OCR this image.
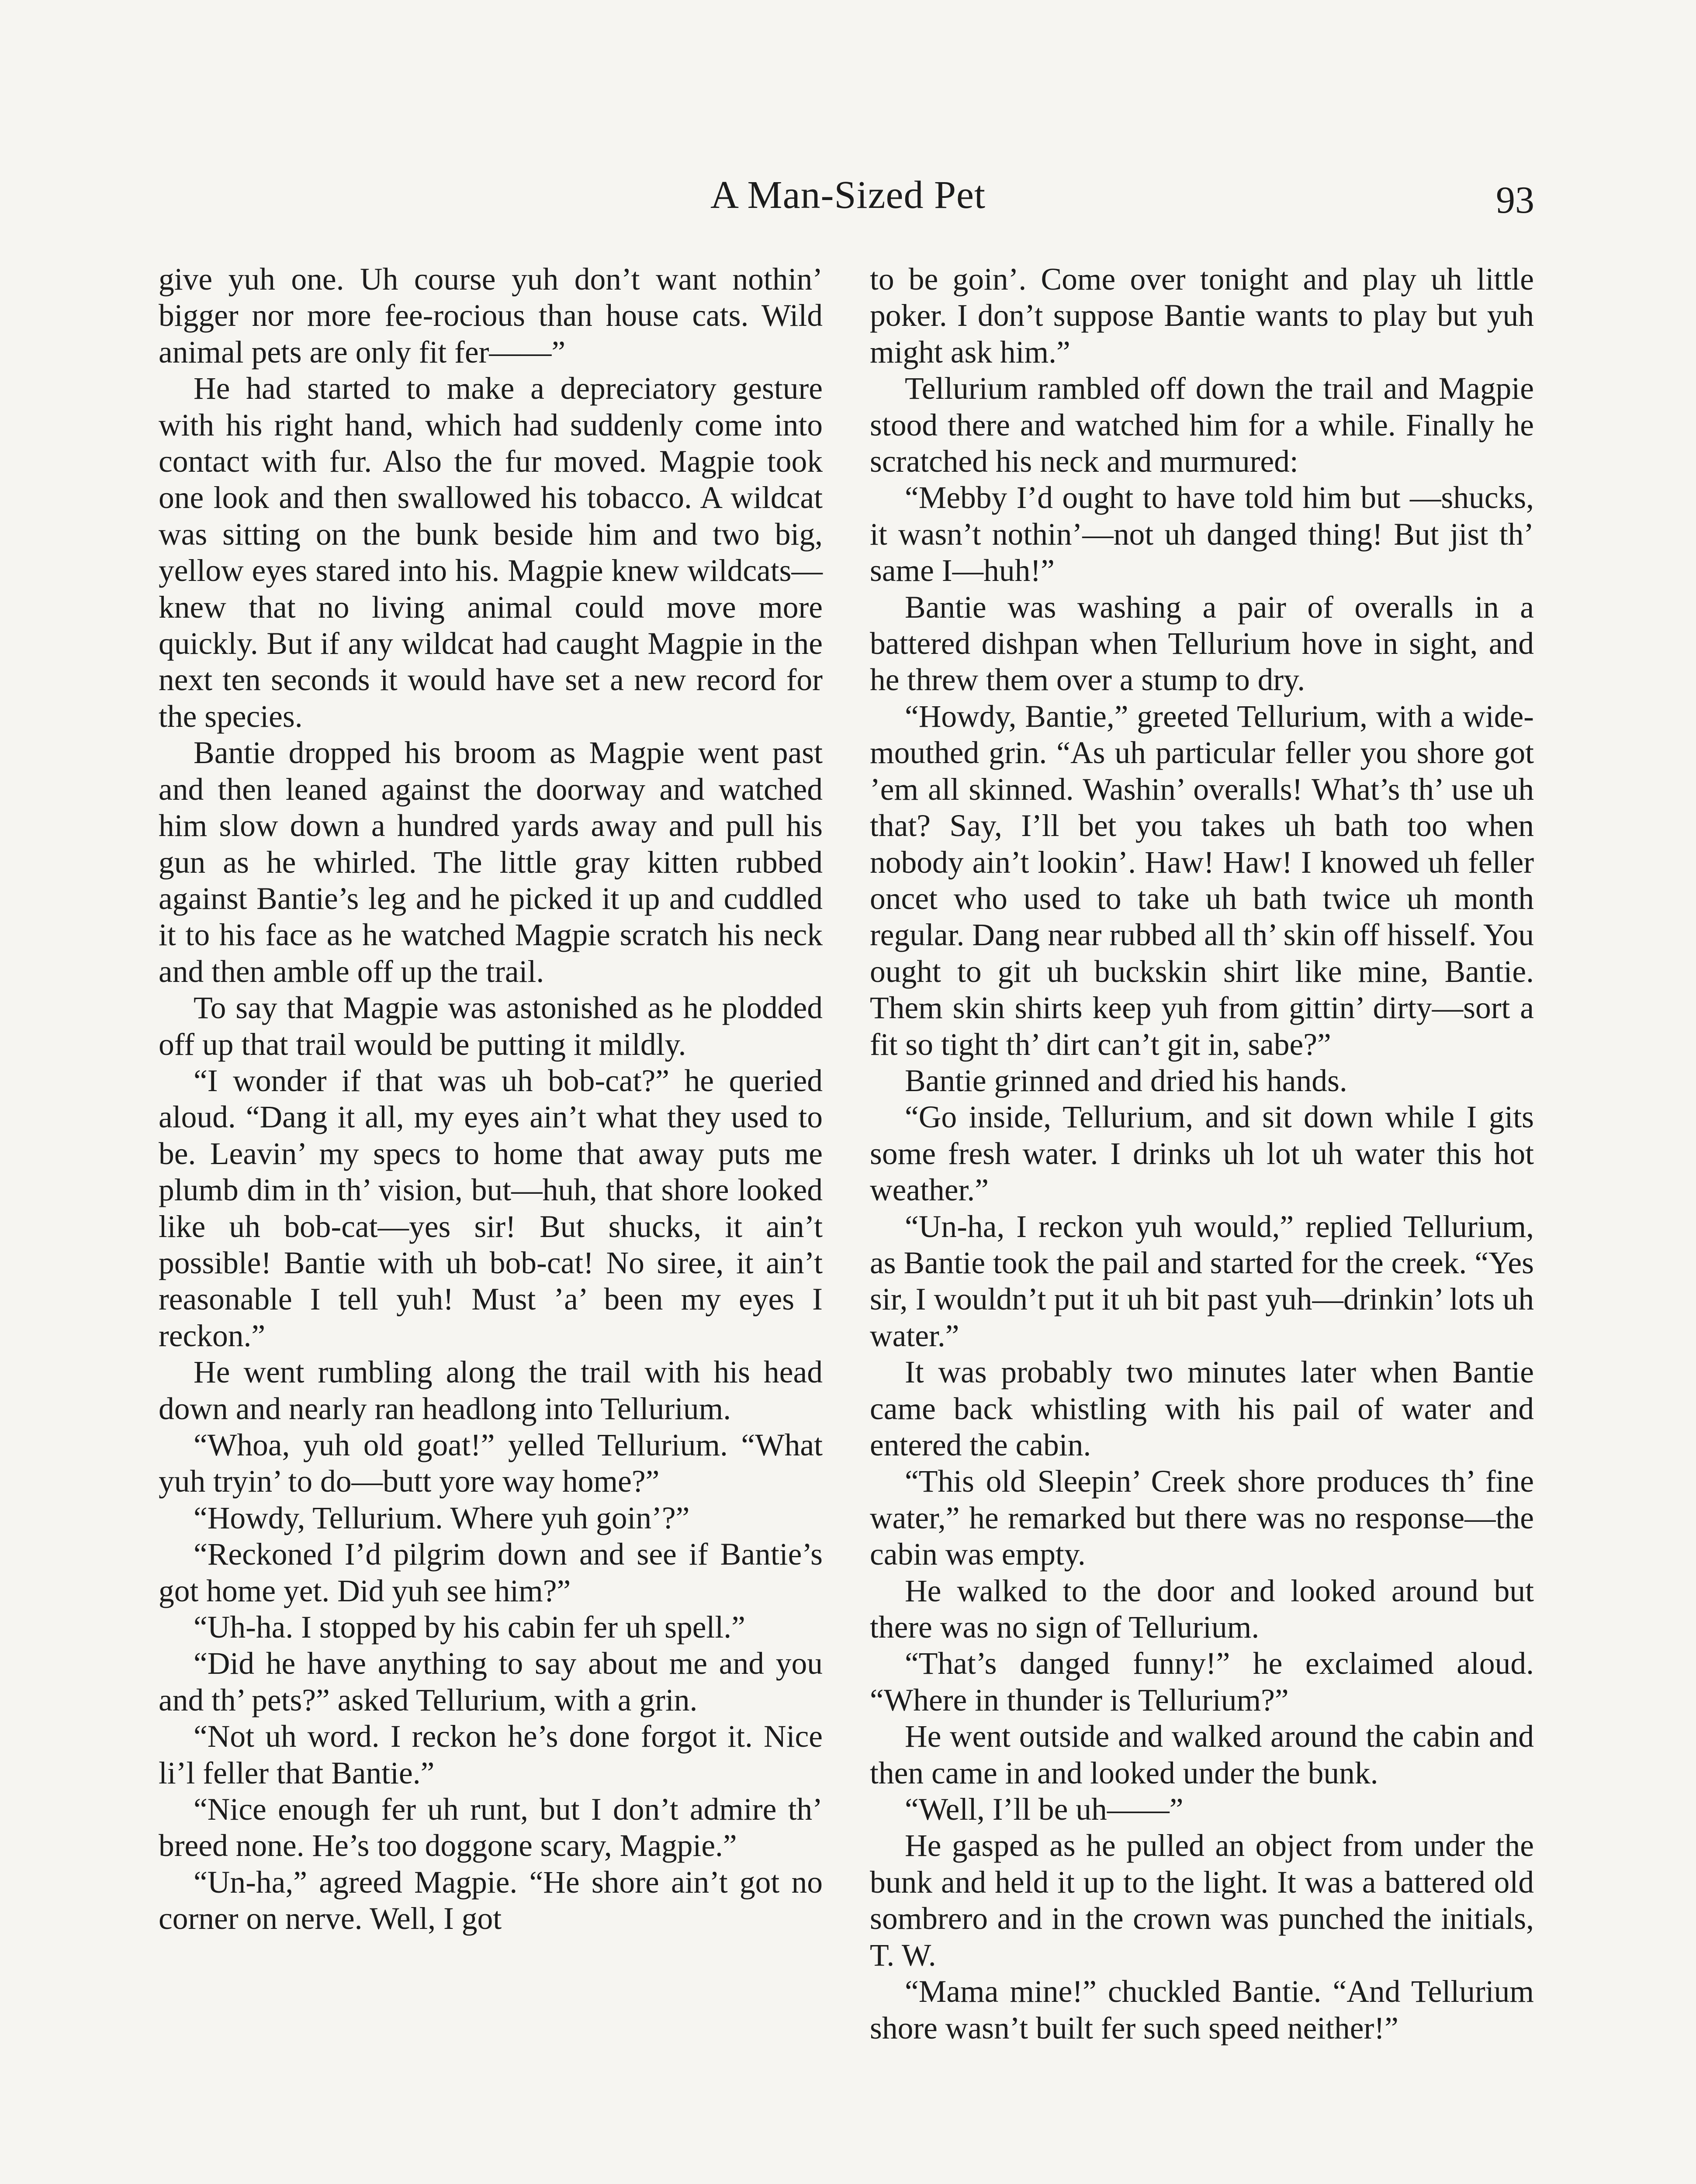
A Man-Sized Pet	93

give yuh one. Uh course yuh don’t want nothin’ bigger nor more fee-rocious than house cats. Wild animal pets are only fit fer——”

He had started to make a depreciatory gesture with his right hand, which had suddenly come into contact with fur. Also the fur moved. Magpie took one look and then swallowed his tobacco. A wildcat was sitting on the bunk beside him and two big, yellow eyes stared into his. Magpie knew wildcats—knew that no living animal could move more quickly. But if any wildcat had caught Magpie in the next ten seconds it would have set a new record for the species.

Bantie dropped his broom as Magpie went past and then leaned against the doorway and watched him slow down a hundred yards away and pull his gun as he whirled. The little gray kitten rubbed against Bantie’s leg and he picked it up and cuddled it to his face as he watched Magpie scratch his neck and then amble off up the trail.

To say that Magpie was astonished as he plodded off up that trail would be putting it mildly.

“I wonder if that was uh bob-cat?” he queried aloud. “Dang it all, my eyes ain’t what they used to be. Leavin’ my specs to home that away puts me plumb dim in th’ vision, but—huh, that shore looked like uh bob-cat—yes sir! But shucks, it ain’t possible! Bantie with uh bob-cat! No siree, it ain’t reasonable I tell yuh! Must ’a’ been my eyes I reckon.”

He went rumbling along the trail with his head down and nearly ran headlong into Tellurium.

“Whoa, yuh old goat!” yelled Tellurium. “What yuh tryin’ to do—butt yore way home?”

“Howdy, Tellurium. Where yuh goin’?”

“Reckoned I’d pilgrim down and see if Bantie’s got home yet. Did yuh see him?”

“Uh-ha. I stopped by his cabin fer uh spell.”

“Did he have anything to say about me and you and th’ pets?” asked Tellurium, with a grin.

“Not uh word. I reckon he’s done forgot it. Nice li’l feller that Bantie.”

“Nice enough fer uh runt, but I don’t admire th’ breed none. He’s too doggone scary, Magpie.”

“Un-ha,” agreed Magpie. “He shore ain’t got no corner on nerve. Well, I got

to be goin’. Come over tonight and play uh little poker. I don’t suppose Bantie wants to play but yuh might ask him.”

Tellurium rambled off down the trail and Magpie stood there and watched him for a while. Finally he scratched his neck and murmured:

“Mebby I’d ought to have told him but —shucks, it wasn’t nothin’—not uh danged thing! But jist th’ same I—huh!”

Bantie was washing a pair of overalls in a battered dishpan when Tellurium hove in sight, and he threw them over a stump to dry.

“Howdy, Bantie,” greeted Tellurium, with a wide-mouthed grin. “As uh particular feller you shore got ’em all skinned. Washin’ overalls! What’s th’ use uh that? Say, I’ll bet you takes uh bath too when nobody ain’t lookin’. Haw! Haw! I knowed uh feller oncet who used to take uh bath twice uh month regular. Dang near rubbed all th’ skin off hisself. You ought to git uh buckskin shirt like mine, Bantie. Them skin shirts keep yuh from gittin’ dirty—sort a fit so tight th’ dirt can’t git in, sabe?”

Bantie grinned and dried his hands.

“Go inside, Tellurium, and sit down while I gits some fresh water. I drinks uh lot uh water this hot weather.”

“Un-ha, I reckon yuh would,” replied Tellurium, as Bantie took the pail and started for the creek. “Yes sir, I wouldn’t put it uh bit past yuh—drinkin’ lots uh water.”

It was probably two minutes later when Bantie came back whistling with his pail of water and entered the cabin.

“This old Sleepin’ Creek shore produces th’ fine water,” he remarked but there was no response—the cabin was empty.

He walked to the door and looked around but there was no sign of Tellurium.

“That’s danged funny!” he exclaimed aloud. “Where in thunder is Tellurium?”

He went outside and walked around the cabin and then came in and looked under the bunk.

“Well, I’ll be uh——”

He gasped as he pulled an object from under the bunk and held it up to the light. It was a battered old sombrero and in the crown was punched the initials, T. W.

“Mama mine!” chuckled Bantie. “And Tellurium shore wasn’t built fer such speed neither!”
